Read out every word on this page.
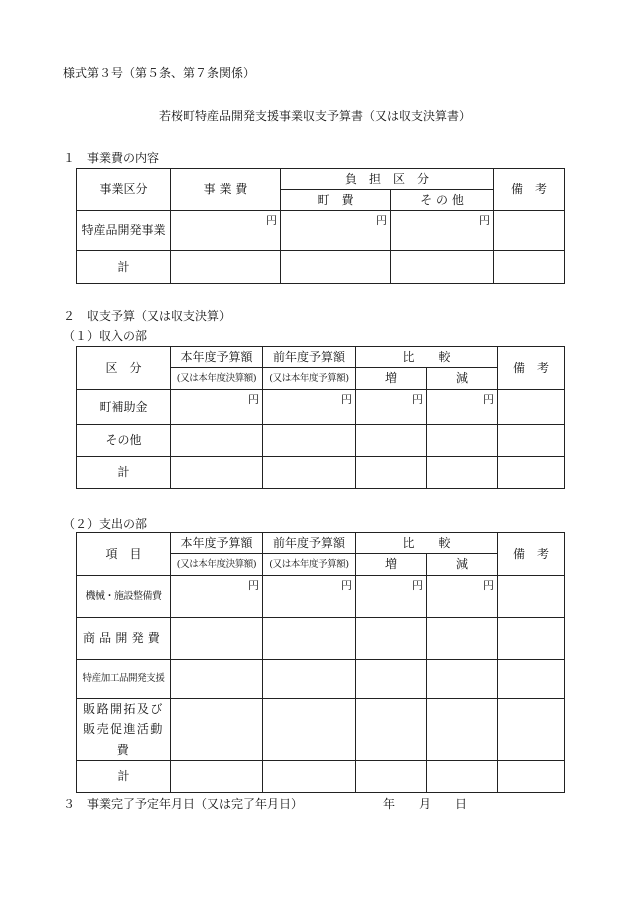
様式第３号（第５条、第７条関係）
若桜町特産品開発支援事業収支予算書（又は収支決算書）
１　事業費の内容
事業区分	事 業 費	負　担　区　分		備　考
		町　費	そ の 他	
特産品開発事業	円	円	円	
計				
２　収支予算（又は収支決算）
（１）収入の部
区　分	本年度予算額	前年度予算額	比　　較		備　考
	(又は本年度決算額)	(又は本年度予算額)	増	減	
町補助金	円	円	円	円	
その他					
計					
（２）支出の部
項　目	本年度予算額	前年度予算額	比　　較		備　考
	(又は本年度決算額)	(又は本年度予算額)	増	減	
機械・施設整備費	円	円	円	円	
商品開発費					
特産加工品開発支援					
販路開拓及び販売促進活動費					
計					
３　事業完了予定年月日（又は完了年月日）	年 月 日
